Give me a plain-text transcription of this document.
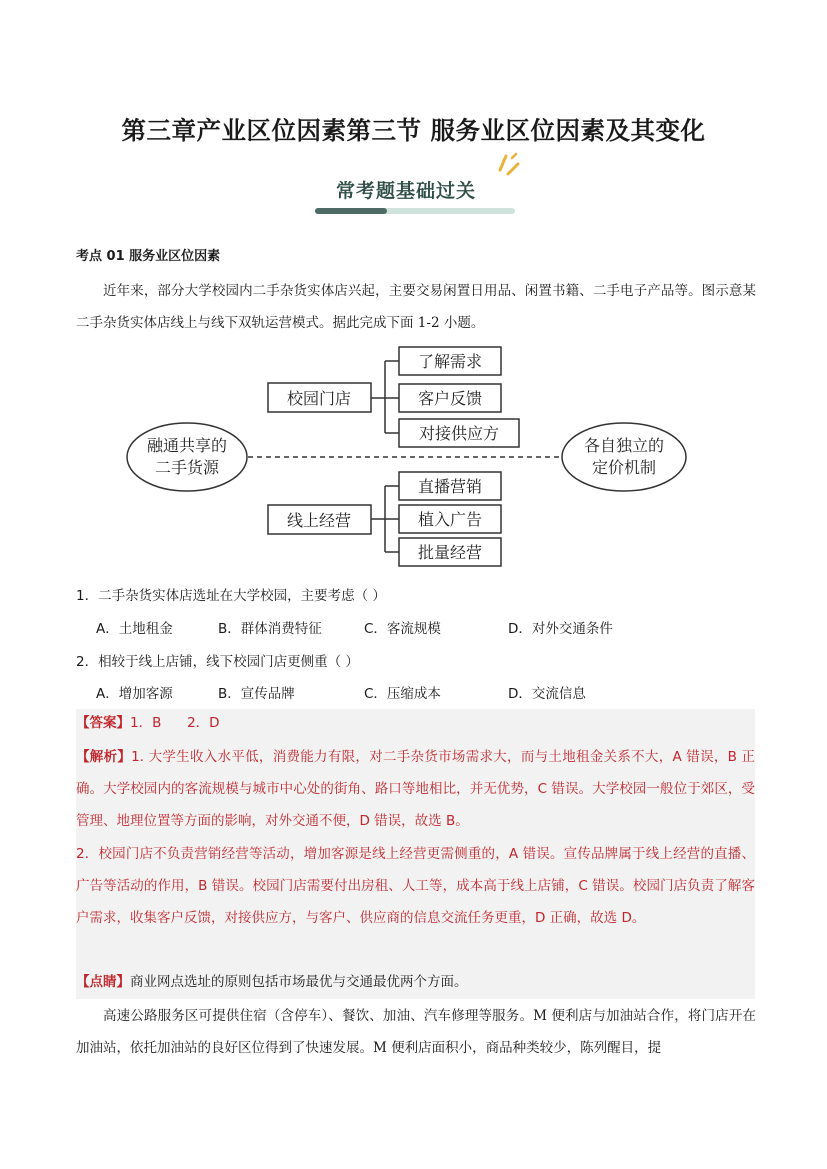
第三章产业区位因素第三节 服务业区位因素及其变化
常考题基础过关
考点 01 服务业区位因素
近年来，部分大学校园内二手杂货实体店兴起，主要交易闲置日用品、闲置书籍、二手电子产品等。图示意某二手杂货实体店线上与线下双轨运营模式。据此完成下面 1-2 小题。
融通共享的
二手货源
各自独立的
定价机制
校园门店
线上经营
了解需求
客户反馈
对接供应方
直播营销
植入广告
批量经营
1．二手杂货实体店选址在大学校园，主要考虑（ ）
A．土地租金	B．群体消费特征	C．客流规模	D．对外交通条件
2．相较于线上店铺，线下校园门店更侧重（ ）
A．增加客源	B．宣传品牌	C．压缩成本	D．交流信息
【答案】1．B      2．D
【解析】1. 大学生收入水平低，消费能力有限，对二手杂货市场需求大，而与土地租金关系不大，A 错误，B 正确。大学校园内的客流规模与城市中心处的街角、路口等地相比，并无优势，C 错误。大学校园一般位于郊区，受管理、地理位置等方面的影响，对外交通不便，D 错误，故选 B。
2．校园门店不负责营销经营等活动，增加客源是线上经营更需侧重的，A 错误。宣传品牌属于线上经营的直播、广告等活动的作用，B 错误。校园门店需要付出房租、人工等，成本高于线上店铺，C 错误。校园门店负责了解客户需求，收集客户反馈，对接供应方，与客户、供应商的信息交流任务更重，D 正确，故选 D。
【点睛】商业网点选址的原则包括市场最优与交通最优两个方面。
高速公路服务区可提供住宿（含停车）、餐饮、加油、汽车修理等服务。M 便利店与加油站合作，将门店开在加油站，依托加油站的良好区位得到了快速发展。M 便利店面积小，商品种类较少，陈列醒目，提
